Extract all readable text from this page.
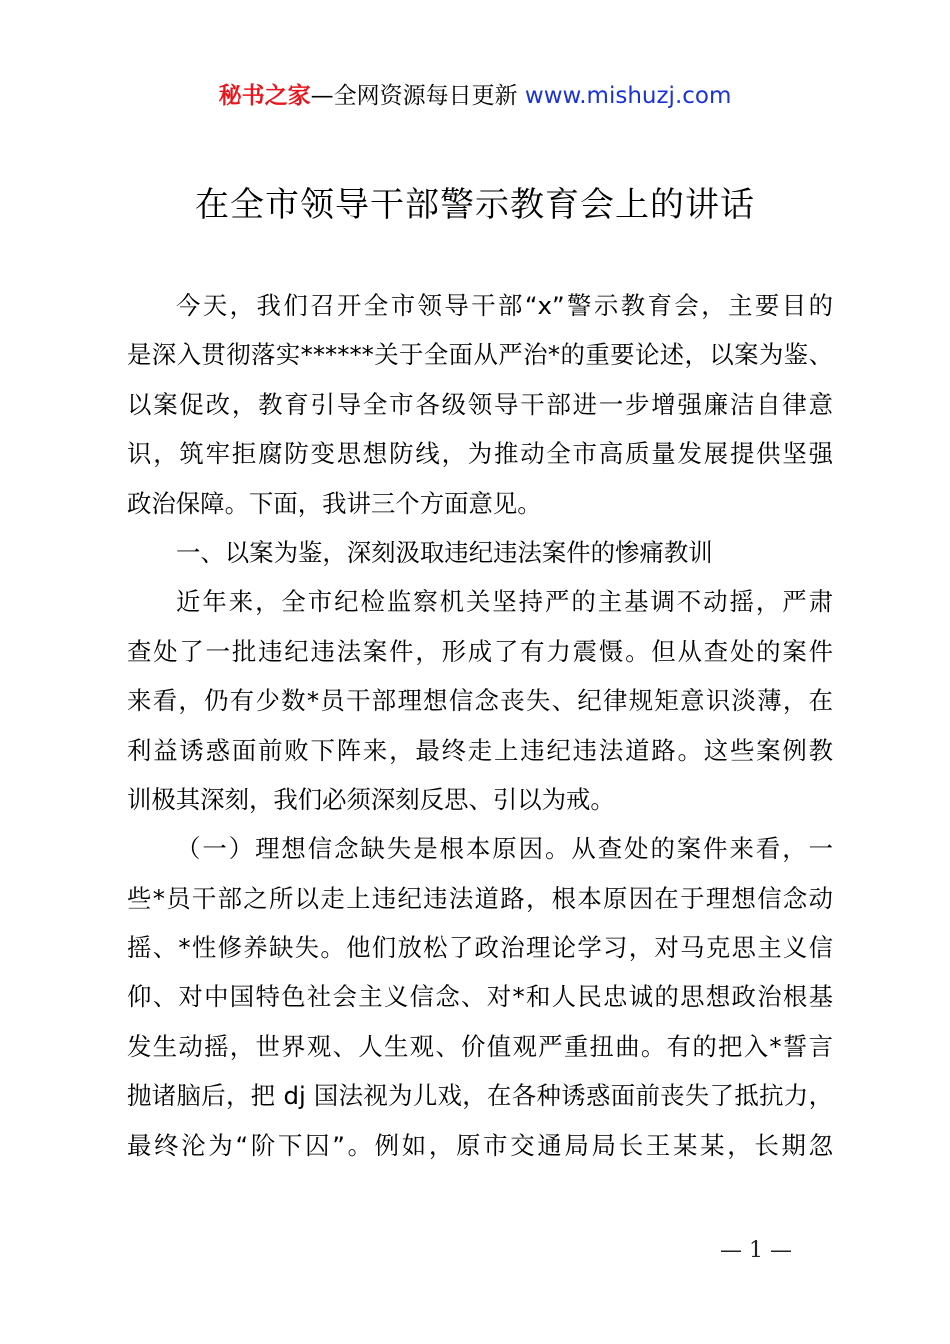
秘书之家—全网资源每日更新 www.mishuzj.com
在全市领导干部警示教育会上的讲话
今天，我们召开全市领导干部“x”警示教育会，主要目的
是深入贯彻落实******关于全面从严治*的重要论述，以案为鉴、
以案促改，教育引导全市各级领导干部进一步增强廉洁自律意
识，筑牢拒腐防变思想防线，为推动全市高质量发展提供坚强
政治保障。下面，我讲三个方面意见。
一、以案为鉴，深刻汲取违纪违法案件的惨痛教训
近年来，全市纪检监察机关坚持严的主基调不动摇，严肃
查处了一批违纪违法案件，形成了有力震慑。但从查处的案件
来看，仍有少数*员干部理想信念丧失、纪律规矩意识淡薄，在
利益诱惑面前败下阵来，最终走上违纪违法道路。这些案例教
训极其深刻，我们必须深刻反思、引以为戒。
（一）理想信念缺失是根本原因。从查处的案件来看，一
些*员干部之所以走上违纪违法道路，根本原因在于理想信念动
摇、*性修养缺失。他们放松了政治理论学习，对马克思主义信
仰、对中国特色社会主义信念、对*和人民忠诚的思想政治根基
发生动摇，世界观、人生观、价值观严重扭曲。有的把入*誓言
抛诸脑后，把 dj 国法视为儿戏，在各种诱惑面前丧失了抵抗力，
最终沦为“阶下囚”。例如，原市交通局局长王某某，长期忽
— 1 —
